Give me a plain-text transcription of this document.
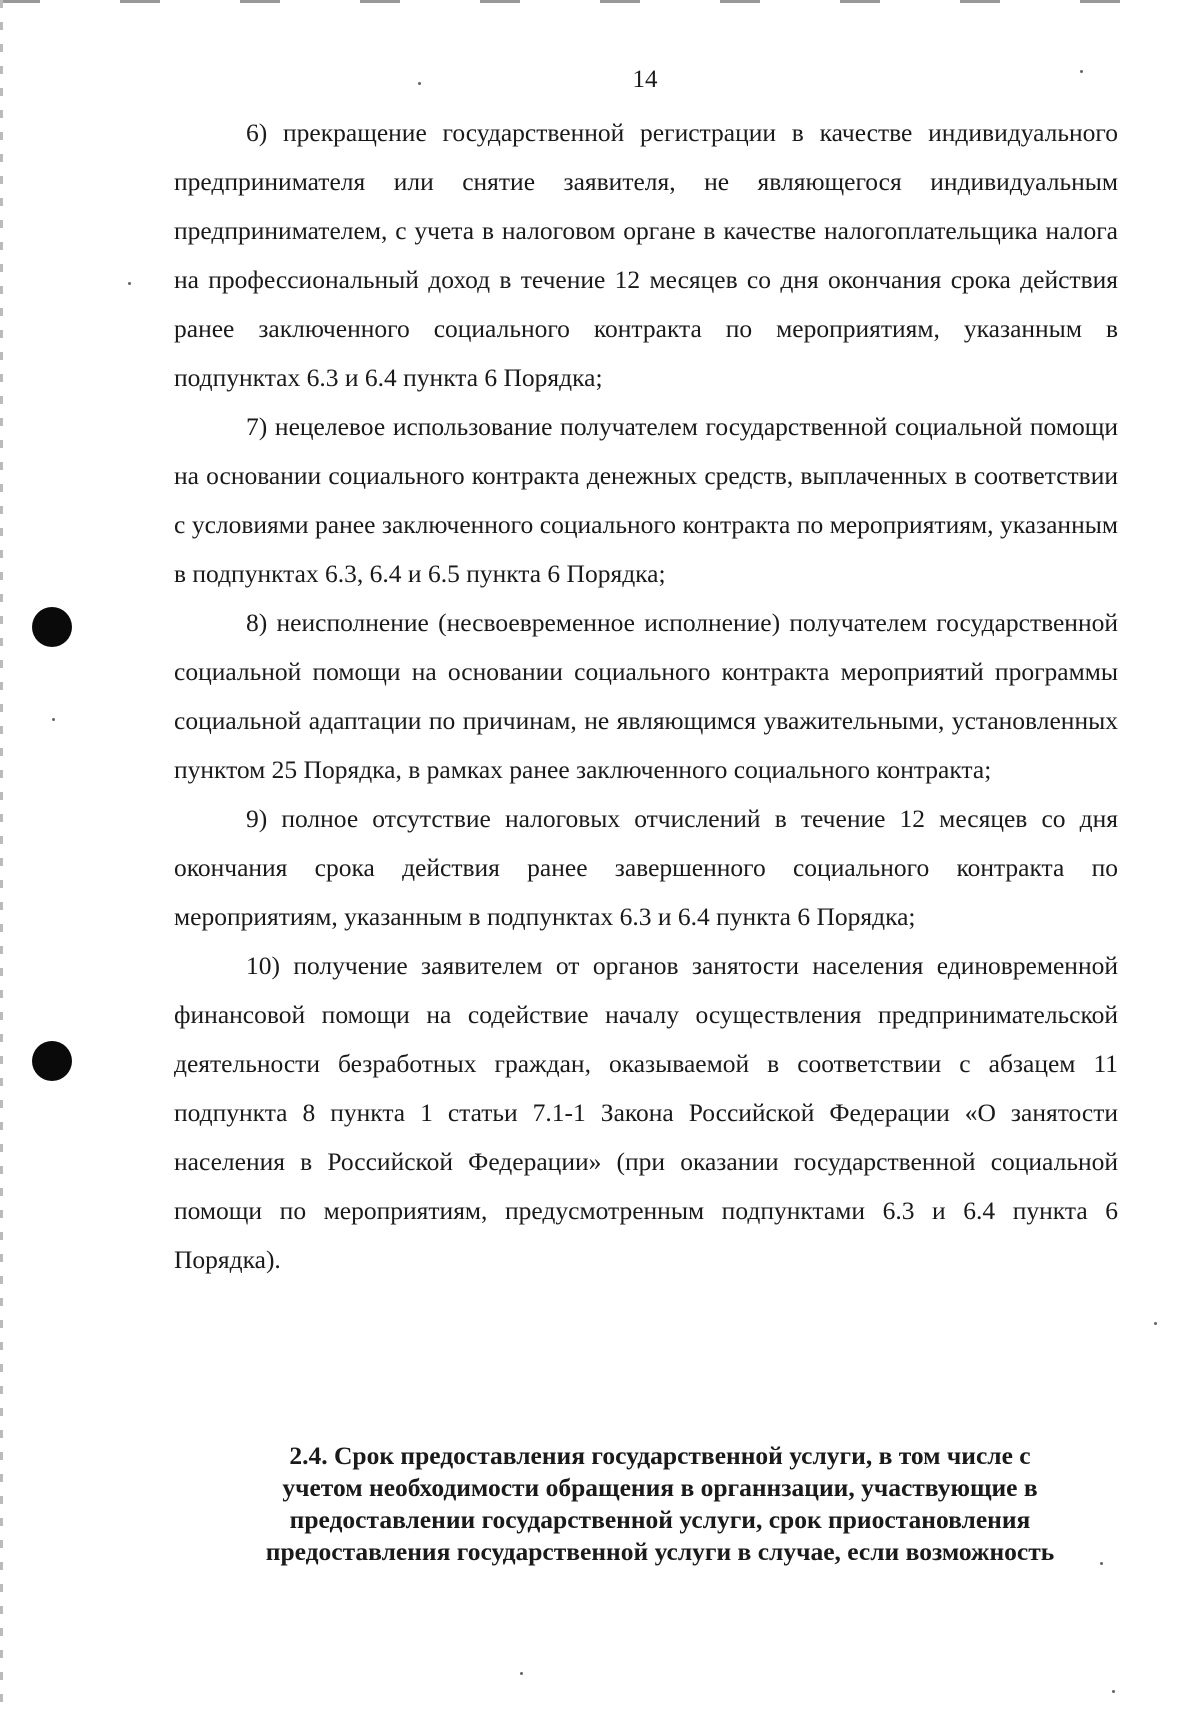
14

6) прекращение государственной регистрации в качестве индивидуального предпринимателя или снятие заявителя, не являющегося индивидуальным предпринимателем, с учета в налоговом органе в качестве налогоплательщика налога на профессиональный доход в течение 12 месяцев со дня окончания срока действия ранее заключенного социального контракта по мероприятиям, указанным в подпунктах 6.3 и 6.4 пункта 6 Порядка;

7) нецелевое использование получателем государственной социальной помощи на основании социального контракта денежных средств, выплаченных в соответствии с условиями ранее заключенного социального контракта по мероприятиям, указанным в подпунктах 6.3, 6.4 и 6.5 пункта 6 Порядка;

8) неисполнение (несвоевременное исполнение) получателем государственной социальной помощи на основании социального контракта мероприятий программы социальной адаптации по причинам, не являющимся уважительными, установленных пунктом 25 Порядка, в рамках ранее заключенного социального контракта;

9) полное отсутствие налоговых отчислений в течение 12 месяцев со дня окончания срока действия ранее завершенного социального контракта по мероприятиям, указанным в подпунктах 6.3 и 6.4 пункта 6 Порядка;

10) получение заявителем от органов занятости населения единовременной финансовой помощи на содействие началу осуществления предпринимательской деятельности безработных граждан, оказываемой в соответствии с абзацем 11 подпункта 8 пункта 1 статьи 7.1-1 Закона Российской Федерации «О занятости населения в Российской Федерации» (при оказании государственной социальной помощи по мероприятиям, предусмотренным подпунктами 6.3 и 6.4 пункта 6 Порядка).

2.4. Срок предоставления государственной услуги, в том числе с

учетом необходимости обращения в органнзации, участвующие в

предоставлении государственной услуги, срок приостановления

предоставления государственной услуги в случае, если возможность
